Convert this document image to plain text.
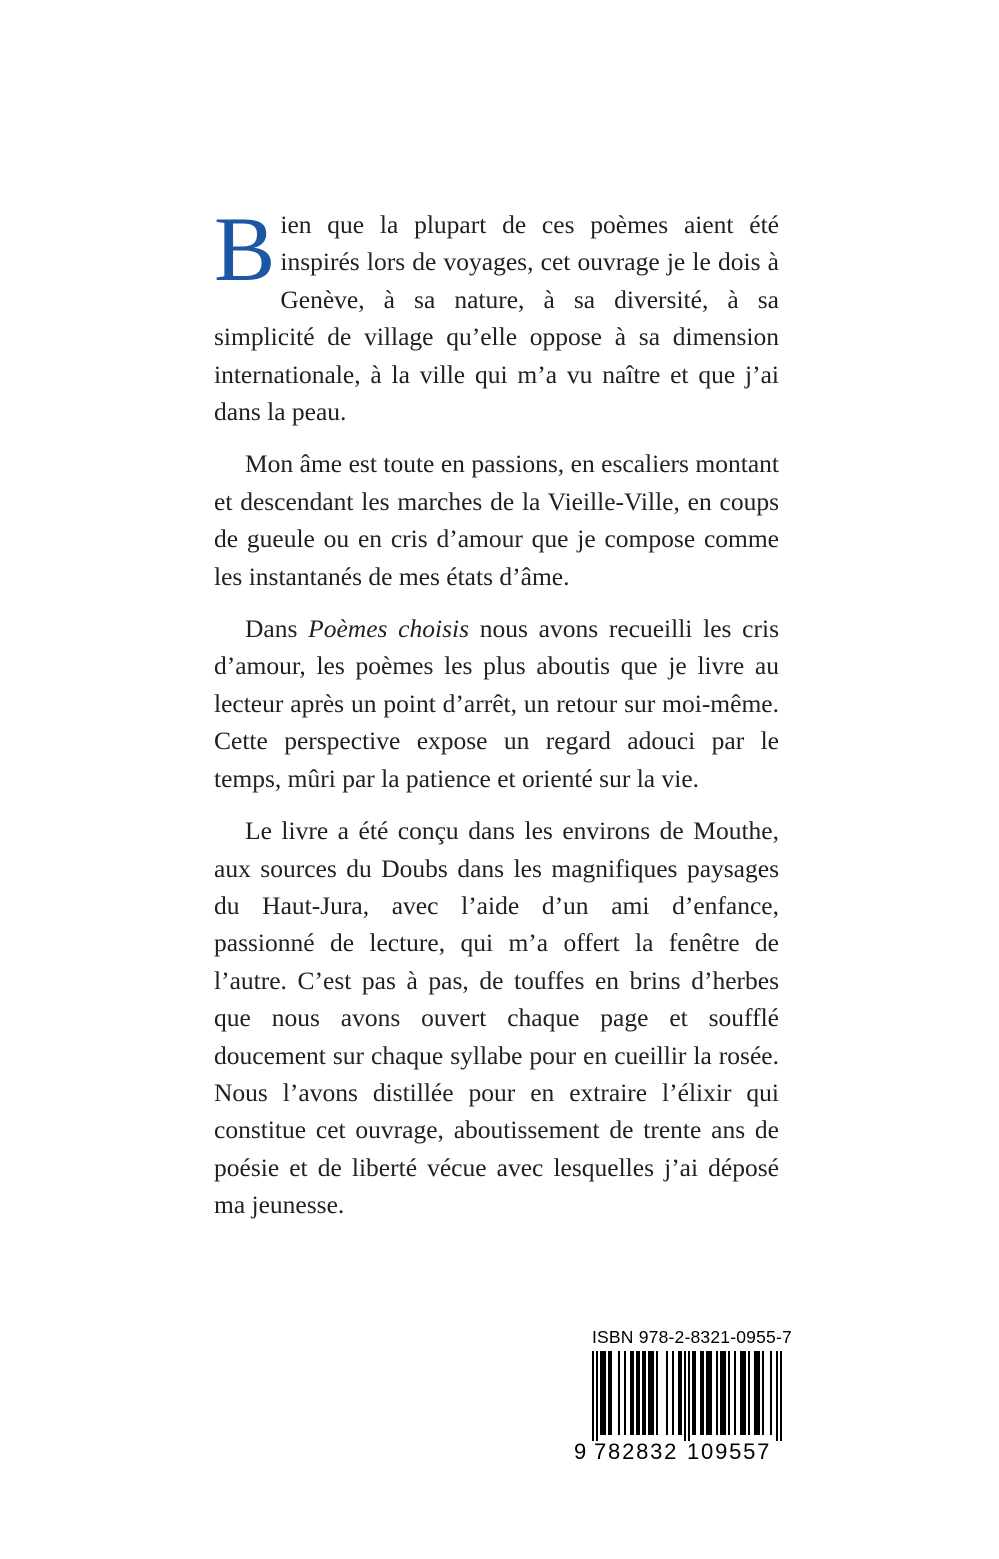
Bien que la plupart de ces poèmes aient été inspirés lors de voyages, cet ouvrage je le dois à Genève, à sa nature, à sa diversité, à sa simplicité de village qu’elle oppose à sa dimension internationale, à la ville qui m’a vu naître et que j’ai dans la peau.

Mon âme est toute en passions, en escaliers montant et descendant les marches de la Vieille-Ville, en coups de gueule ou en cris d’amour que je compose comme les instantanés de mes états d’âme.

Dans Poèmes choisis nous avons recueilli les cris d’amour, les poèmes les plus aboutis que je livre au lecteur après un point d’arrêt, un retour sur moi-même. Cette perspective expose un regard adouci par le temps, mûri par la patience et orienté sur la vie.

Le livre a été conçu dans les environs de Mouthe, aux sources du Doubs dans les magnifiques paysages du Haut-Jura, avec l’aide d’un ami d’enfance, passionné de lecture, qui m’a offert la fenêtre de l’autre. C’est pas à pas, de touffes en brins d’herbes que nous avons ouvert chaque page et soufflé doucement sur chaque syllabe pour en cueillir la rosée. Nous l’avons distillée pour en extraire l’élixir qui constitue cet ouvrage, aboutissement de trente ans de poésie et de liberté vécue avec lesquelles j’ai déposé ma jeunesse.

ISBN 978-2-8321-0955-7
9 782832 109557
